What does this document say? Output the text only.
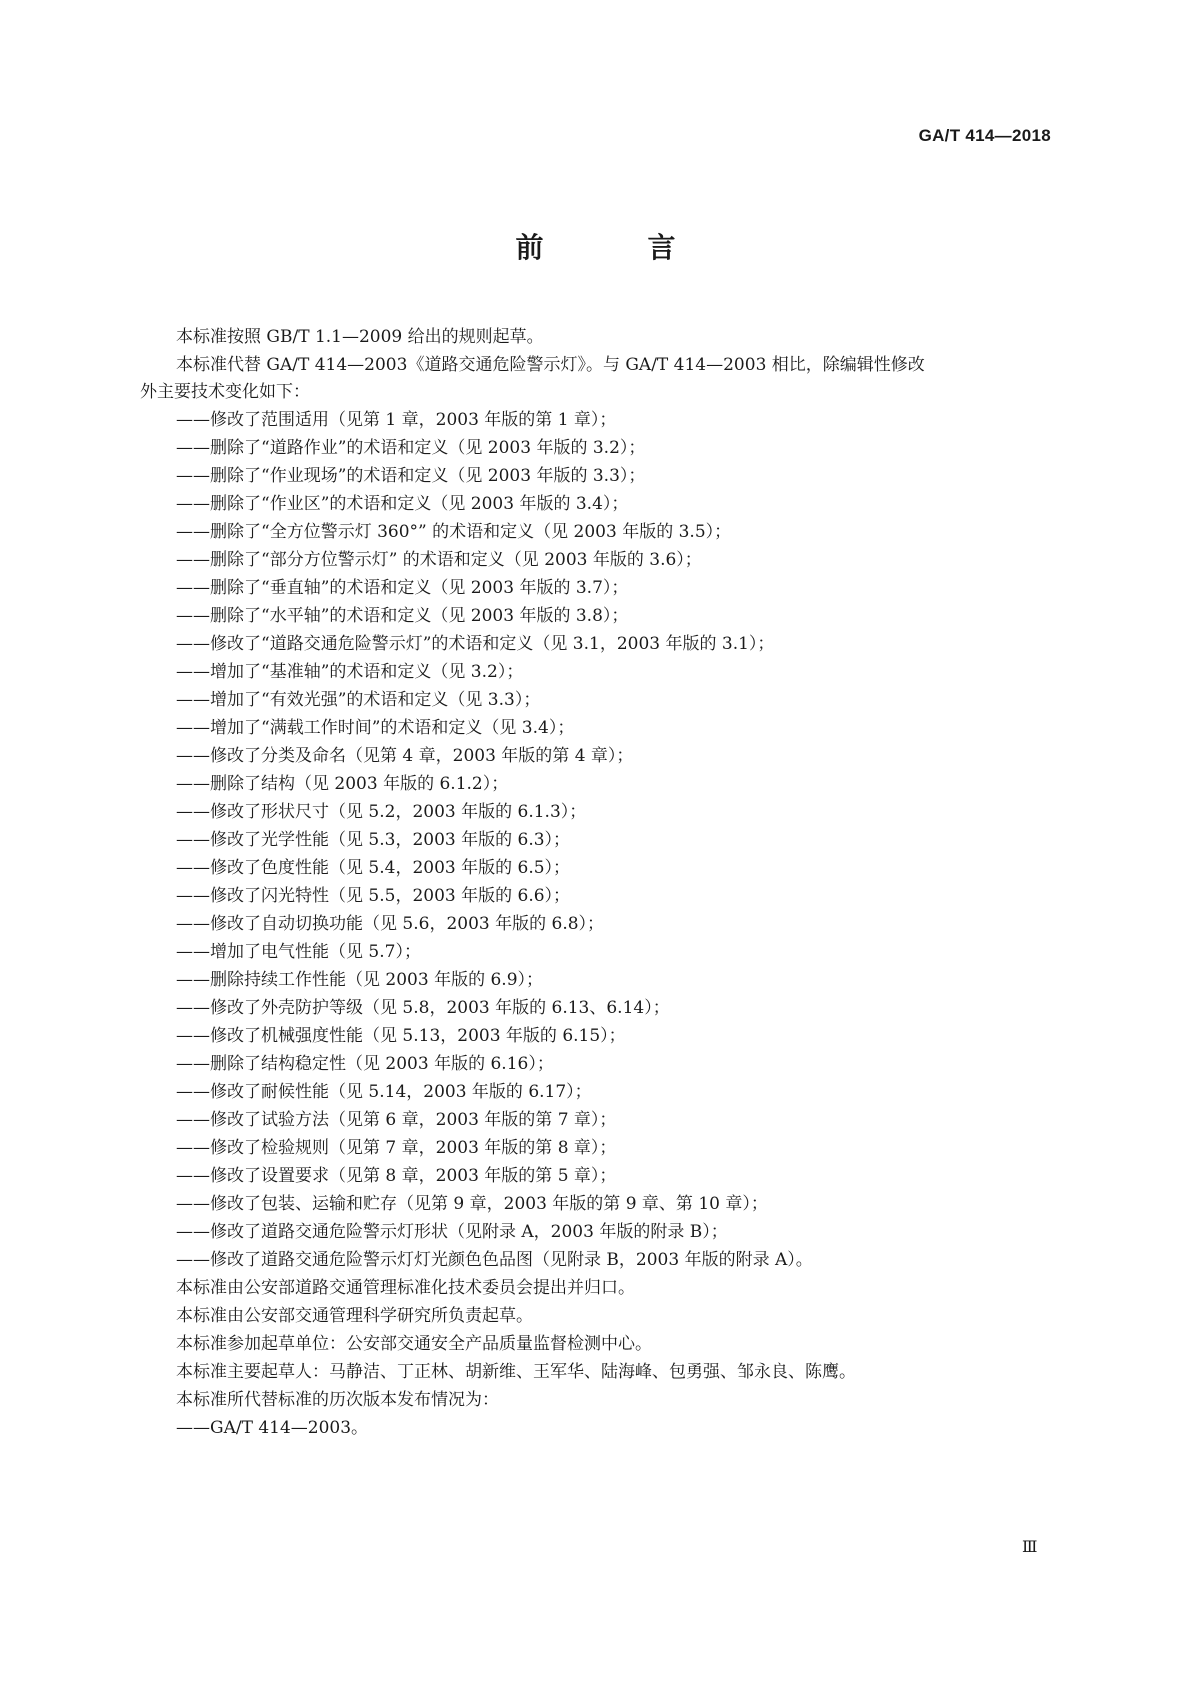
GA/T 414—2018
前　言

本标准按照 GB/T 1.1—2009 给出的规则起草。

本标准代替 GA/T 414—2003《道路交通危险警示灯》。与 GA/T 414—2003 相比，除编辑性修改

外主要技术变化如下：

——修改了范围适用（见第 1 章，2003 年版的第 1 章）；

——删除了“道路作业”的术语和定义（见 2003 年版的 3.2）；

——删除了“作业现场”的术语和定义（见 2003 年版的 3.3）；

——删除了“作业区”的术语和定义（见 2003 年版的 3.4）；

——删除了“全方位警示灯 360°” 的术语和定义（见 2003 年版的 3.5）；

——删除了“部分方位警示灯” 的术语和定义（见 2003 年版的 3.6）；

——删除了“垂直轴”的术语和定义（见 2003 年版的 3.7）；

——删除了“水平轴”的术语和定义（见 2003 年版的 3.8）；

——修改了“道路交通危险警示灯”的术语和定义（见 3.1，2003 年版的 3.1）；

——增加了“基准轴”的术语和定义（见 3.2）；

——增加了“有效光强”的术语和定义（见 3.3）；

——增加了“满载工作时间”的术语和定义（见 3.4）；

——修改了分类及命名（见第 4 章，2003 年版的第 4 章）；

——删除了结构（见 2003 年版的 6.1.2）；

——修改了形状尺寸（见 5.2，2003 年版的 6.1.3）；

——修改了光学性能（见 5.3，2003 年版的 6.3）；

——修改了色度性能（见 5.4，2003 年版的 6.5）；

——修改了闪光特性（见 5.5，2003 年版的 6.6）；

——修改了自动切换功能（见 5.6，2003 年版的 6.8）；

——增加了电气性能（见 5.7）；

——删除持续工作性能（见 2003 年版的 6.9）；

——修改了外壳防护等级（见 5.8，2003 年版的 6.13、6.14）；

——修改了机械强度性能（见 5.13，2003 年版的 6.15）；

——删除了结构稳定性（见 2003 年版的 6.16）；

——修改了耐候性能（见 5.14，2003 年版的 6.17）；

——修改了试验方法（见第 6 章，2003 年版的第 7 章）；

——修改了检验规则（见第 7 章，2003 年版的第 8 章）；

——修改了设置要求（见第 8 章，2003 年版的第 5 章）；

——修改了包装、运输和贮存（见第 9 章，2003 年版的第 9 章、第 10 章）；

——修改了道路交通危险警示灯形状（见附录 A，2003 年版的附录 B）；

——修改了道路交通危险警示灯灯光颜色色品图（见附录 B，2003 年版的附录 A）。

本标准由公安部道路交通管理标准化技术委员会提出并归口。

本标准由公安部交通管理科学研究所负责起草。

本标准参加起草单位：公安部交通安全产品质量监督检测中心。

本标准主要起草人：马静洁、丁正林、胡新维、王军华、陆海峰、包勇强、邹永良、陈鹰。

本标准所代替标准的历次版本发布情况为：

——GA/T 414—2003。

Ⅲ
